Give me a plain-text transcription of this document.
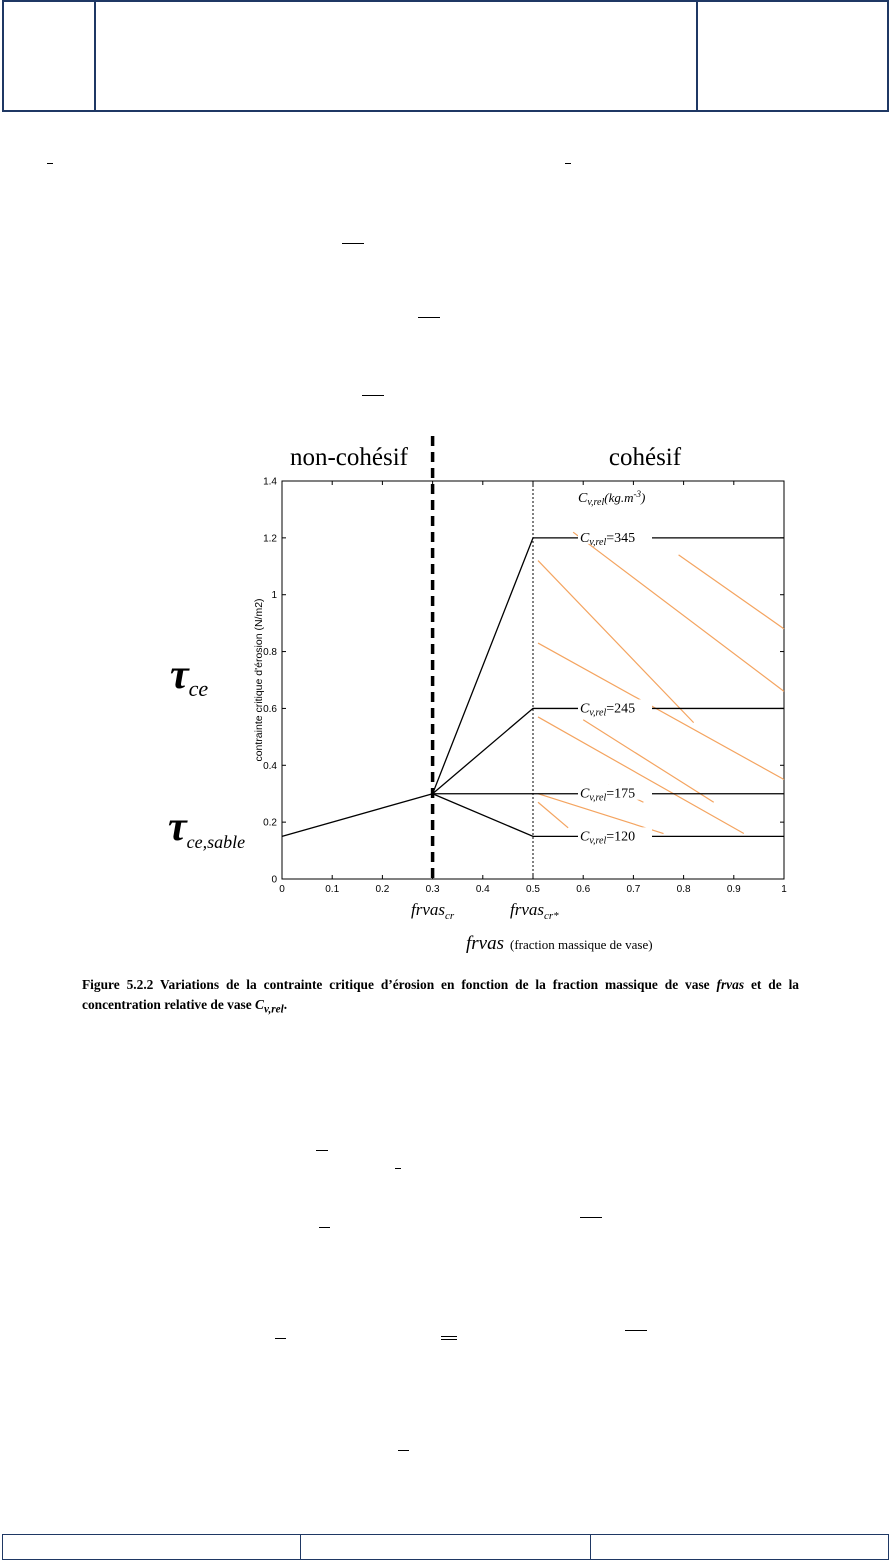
non-cohésif	cohésif
0
0.2
0.4
0.6
0.8
1
1.2
1.4
0	0.1	0.2	0.3	0.4	0.5	0.6	0.7	0.8	0.9	1
contrainte critique d'érosion (N/m2)
τce
τce,sable
$C_{v,rel}(kg.m^{-3})$
$C_{v,rel}=345$
$C_{v,rel}=245$
$C_{v,rel}=175$
$C_{v,rel}=120$
frvas$_{cr}$	frvas$_{cr*}$
frvas (fraction massique de vase)
Figure 5.2.2 Variations de la contrainte critique d’érosion en fonction de la fraction massique de vase frvas et de la concentration relative de vase $C_{v,rel}$.
